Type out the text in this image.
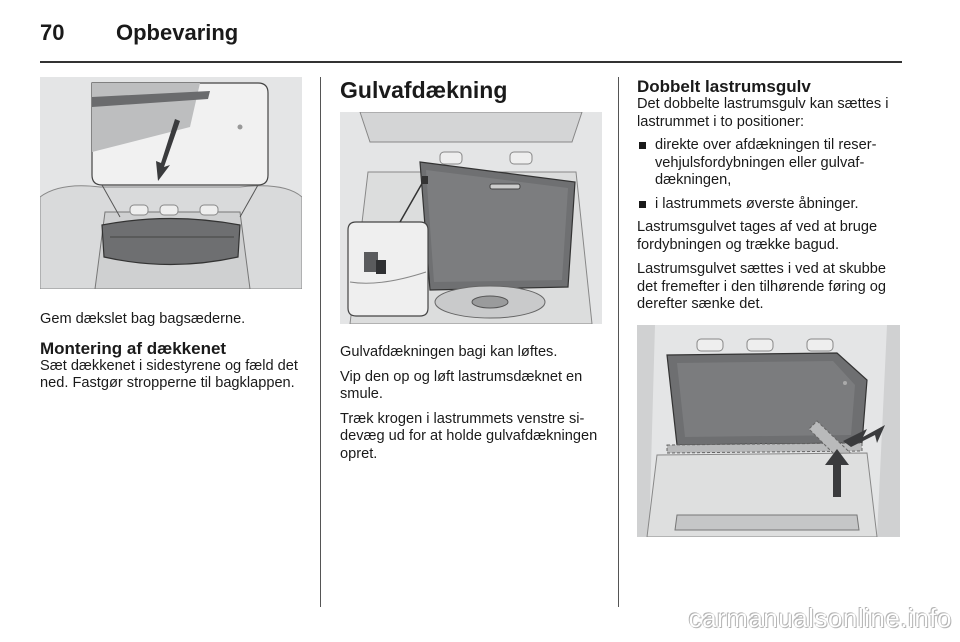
70 Opbevaring

Gem dækslet bag bagsæderne.

Montering af dækkenet

Sæt dækkenet i sidestyrene og fæld det ned. Fastgør stropperne til bagklappen.

Gulvafdækning

Gulvafdækningen bagi kan løftes.

Vip den op og løft lastrumsdæknet en smule.

Træk krogen i lastrummets venstre sidevæg ud for at holde gulvafdækningen opret.

Dobbelt lastrumsgulv

Det dobbelte lastrumsgulv kan sættes i lastrummet i to positioner:

direkte over afdækningen til reservehjulsfordybningen eller gulvafdækningen,
i lastrummets øverste åbninger.

Lastrumsgulvet tages af ved at bruge fordybningen og trække bagud.

Lastrumsgulvet sættes i ved at skubbe det fremefter i den tilhørende føring og derefter sænke det.

carmanualsonline.info
